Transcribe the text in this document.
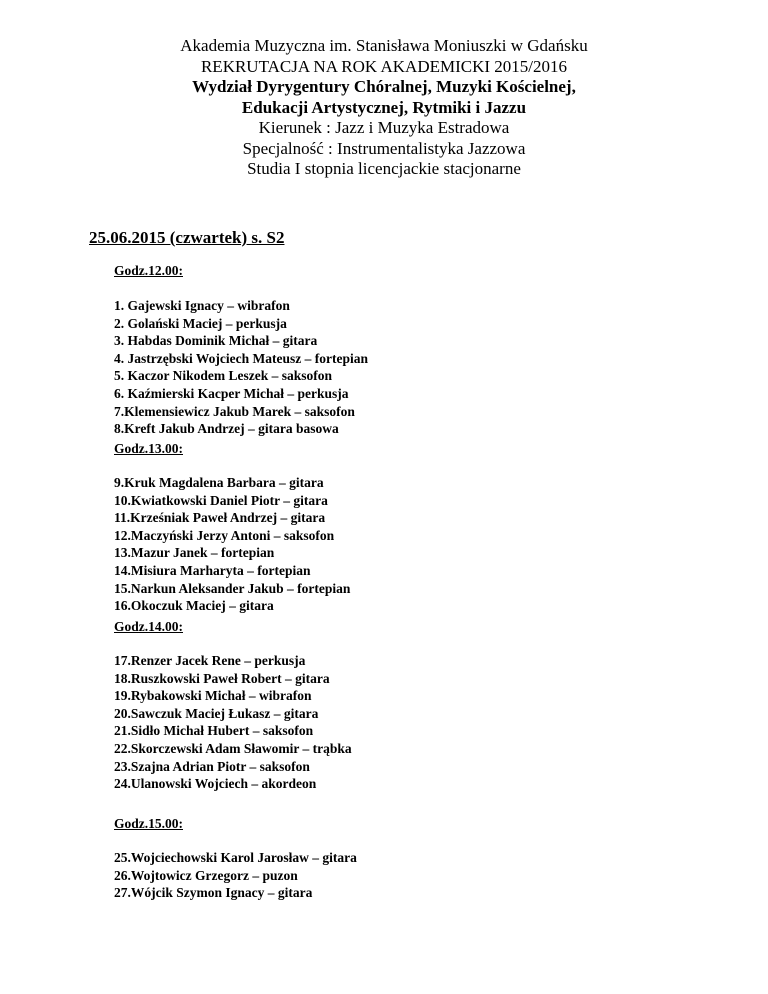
Akademia Muzyczna im. Stanisława Moniuszki w Gdańsku
REKRUTACJA NA ROK AKADEMICKI 2015/2016
Wydział Dyrygentury Chóralnej, Muzyki Kościelnej,
Edukacji Artystycznej, Rytmiki i Jazzu
Kierunek : Jazz i Muzyka Estradowa
Specjalność : Instrumentalistyka Jazzowa
Studia I stopnia licencjackie stacjonarne
25.06.2015 (czwartek) s. S2
Godz.12.00:
1. Gajewski Ignacy – wibrafon
2. Golański Maciej – perkusja
3. Habdas Dominik Michał – gitara
4. Jastrzębski Wojciech Mateusz – fortepian
5. Kaczor Nikodem Leszek – saksofon
6. Kaźmierski Kacper Michał – perkusja
7.Klemensiewicz Jakub Marek – saksofon
8.Kreft Jakub Andrzej – gitara basowa
Godz.13.00:
9.Kruk Magdalena Barbara – gitara
10.Kwiatkowski Daniel Piotr – gitara
11.Krześniak Paweł Andrzej – gitara
12.Maczyński Jerzy Antoni – saksofon
13.Mazur Janek – fortepian
14.Misiura Marharyta – fortepian
15.Narkun Aleksander Jakub – fortepian
16.Okoczuk Maciej – gitara
Godz.14.00:
17.Renzer Jacek Rene – perkusja
18.Ruszkowski Paweł Robert – gitara
19.Rybakowski Michał – wibrafon
20.Sawczuk Maciej Łukasz – gitara
21.Sidło Michał Hubert – saksofon
22.Skorczewski Adam Sławomir – trąbka
23.Szajna Adrian Piotr – saksofon
24.Ulanowski Wojciech – akordeon
Godz.15.00:
25.Wojciechowski Karol Jarosław – gitara
26.Wojtowicz Grzegorz – puzon
27.Wójcik Szymon Ignacy – gitara
